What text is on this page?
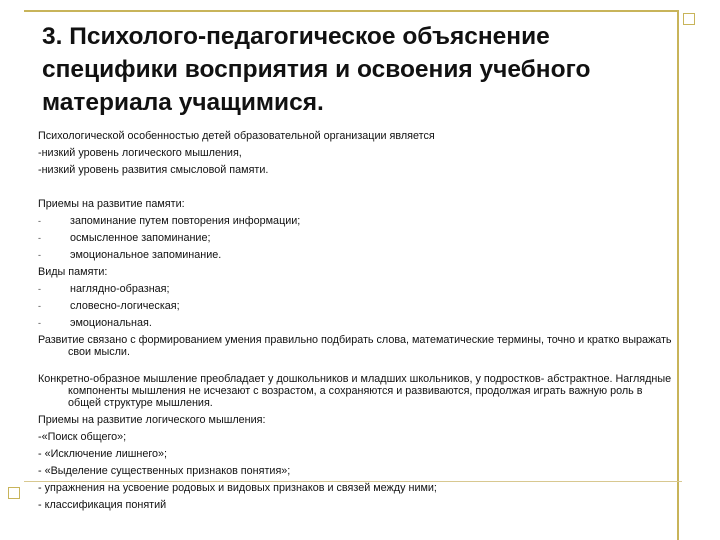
3. Психолого-педагогическое объяснение специфики восприятия и освоения учебного материала учащимися.
Психологической особенностью детей образовательной организации является
-низкий уровень логического мышления,
-низкий уровень развития смысловой памяти.
Приемы на развитие памяти:
-	запоминание путем повторения информации;
-	осмысленное запоминание;
-	эмоциональное запоминание.
Виды памяти:
-	наглядно-образная;
-	словесно-логическая;
-	эмоциональная.
Развитие связано с формированием умения правильно подбирать слова, математические термины, точно и кратко выражать свои мысли.
Конкретно-образное мышление преобладает у дошкольников и младших школьников, у подростков- абстрактное. Наглядные компоненты мышления не исчезают с возрастом, а сохраняются и развиваются, продолжая играть важную роль в общей структуре мышления.
Приемы на развитие логического мышления:
-«Поиск общего»;
- «Исключение лишнего»;
- «Выделение существенных признаков понятия»;
- упражнения на усвоение родовых и видовых признаков и связей между ними;
- классификация понятий
